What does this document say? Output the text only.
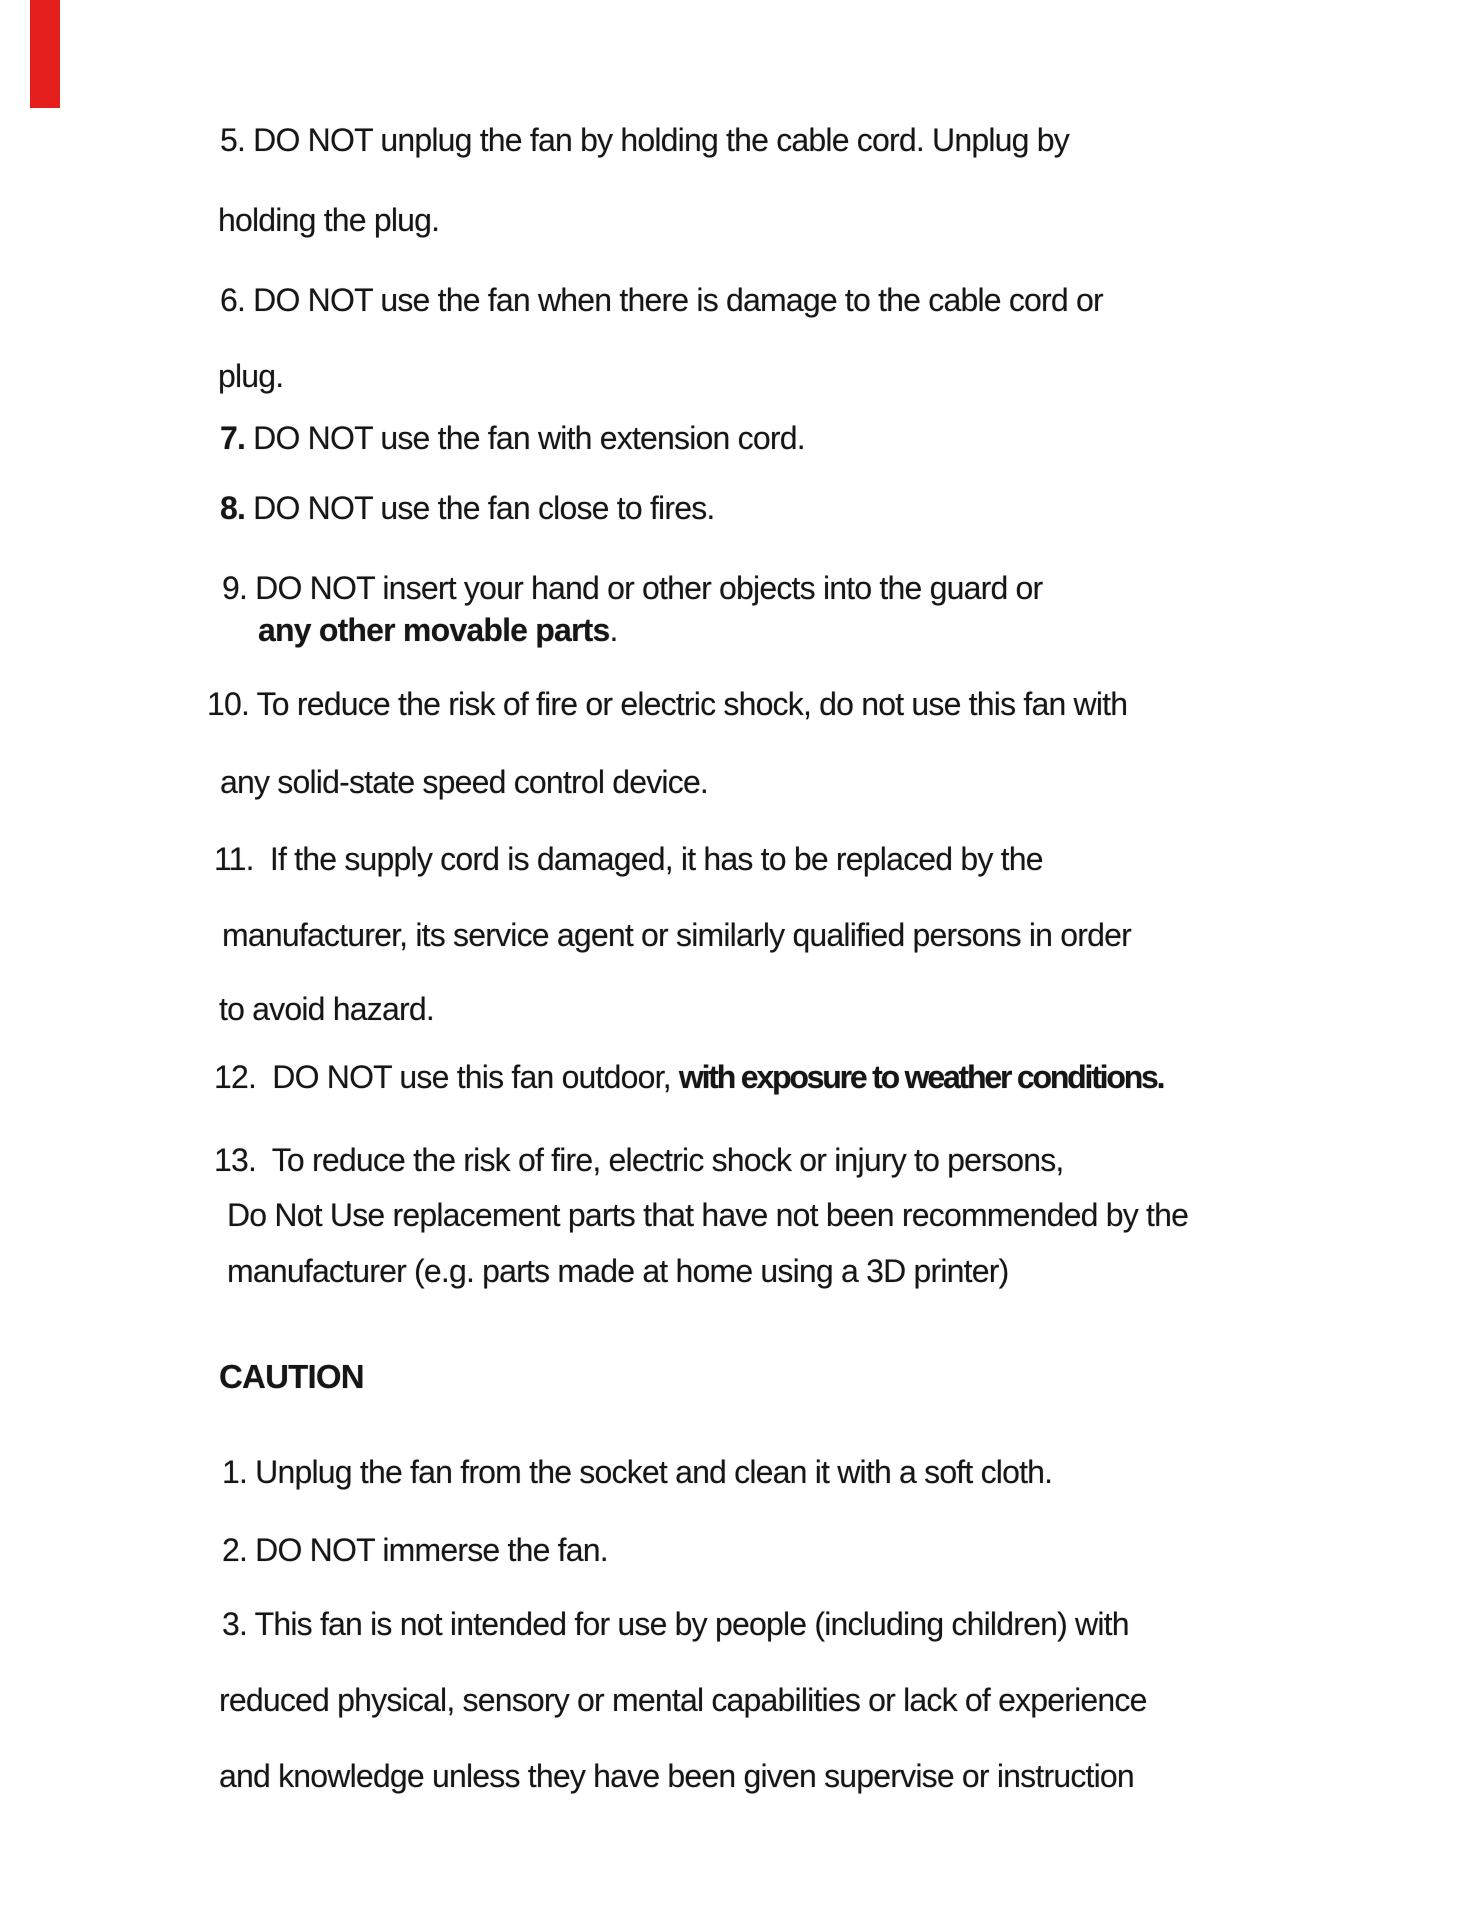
5. DO NOT unplug the fan by holding the cable cord. Unplug by
holding the plug.
6. DO NOT use the fan when there is damage to the cable cord or
plug.
7. DO NOT use the fan with extension cord.
8. DO NOT use the fan close to fires.
9. DO NOT insert your hand or other objects into the guard or
any other movable parts.
10. To reduce the risk of fire or electric shock, do not use this fan with
any solid-state speed control device.
11.  If the supply cord is damaged, it has to be replaced by the
manufacturer, its service agent or similarly qualified persons in order
to avoid hazard.
12.  DO NOT use this fan outdoor, with exposure to weather conditions.
13.  To reduce the risk of fire, electric shock or injury to persons,
Do Not Use replacement parts that have not been recommended by the
manufacturer (e.g. parts made at home using a 3D printer)
CAUTION
1. Unplug the fan from the socket and clean it with a soft cloth.
2. DO NOT immerse the fan.
3. This fan is not intended for use by people (including children) with
reduced physical, sensory or mental capabilities or lack of experience
and knowledge unless they have been given supervise or instruction
